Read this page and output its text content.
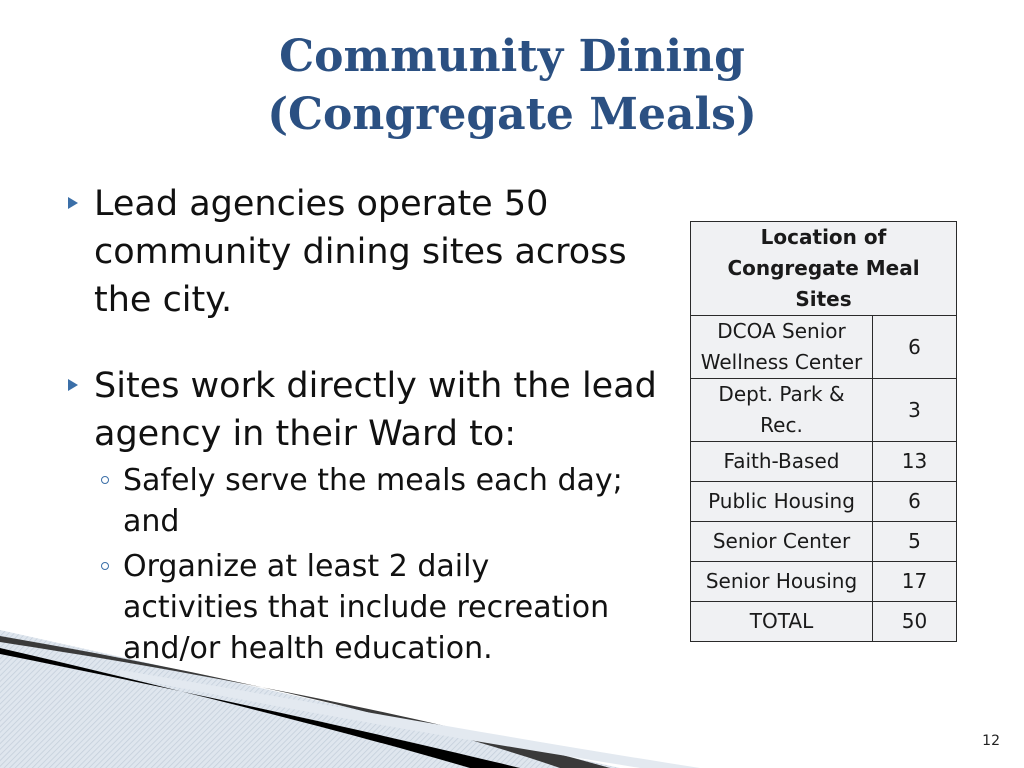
Community Dining
(Congregate Meals)
Lead agencies operate 50 community dining sites across the city.
Sites work directly with the lead agency in their Ward to:
Safely serve the meals each day; and
Organize at least 2 daily activities that include recreation and/or health education.
Location of Congregate Meal Sites	
DCOA Senior Wellness Center	6
Dept. Park & Rec.	3
Faith-Based	13
Public Housing	6
Senior Center	5
Senior Housing	17
TOTAL	50
12
